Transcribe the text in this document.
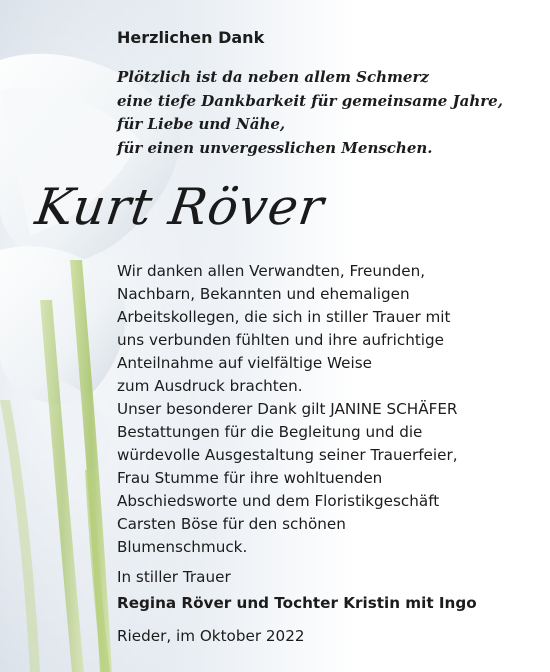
Herzlichen Dank
Plötzlich ist da neben allem Schmerz
eine tiefe Dankbarkeit für gemeinsame Jahre,
für Liebe und Nähe,
für einen unvergesslichen Menschen.
Kurt Röver
Wir danken allen Verwandten, Freunden,
Nachbarn, Bekannten und ehemaligen
Arbeitskollegen, die sich in stiller Trauer mit
uns verbunden fühlten und ihre aufrichtige
Anteilnahme auf vielfältige Weise
zum Ausdruck brachten.
Unser besonderer Dank gilt JANINE SCHÄFER
Bestattungen für die Begleitung und die
würdevolle Ausgestaltung seiner Trauerfeier,
Frau Stumme für ihre wohltuenden
Abschiedsworte und dem Floristikgeschäft
Carsten Böse für den schönen
Blumenschmuck.
In stiller Trauer
Regina Röver und Tochter Kristin mit Ingo
Rieder, im Oktober 2022
